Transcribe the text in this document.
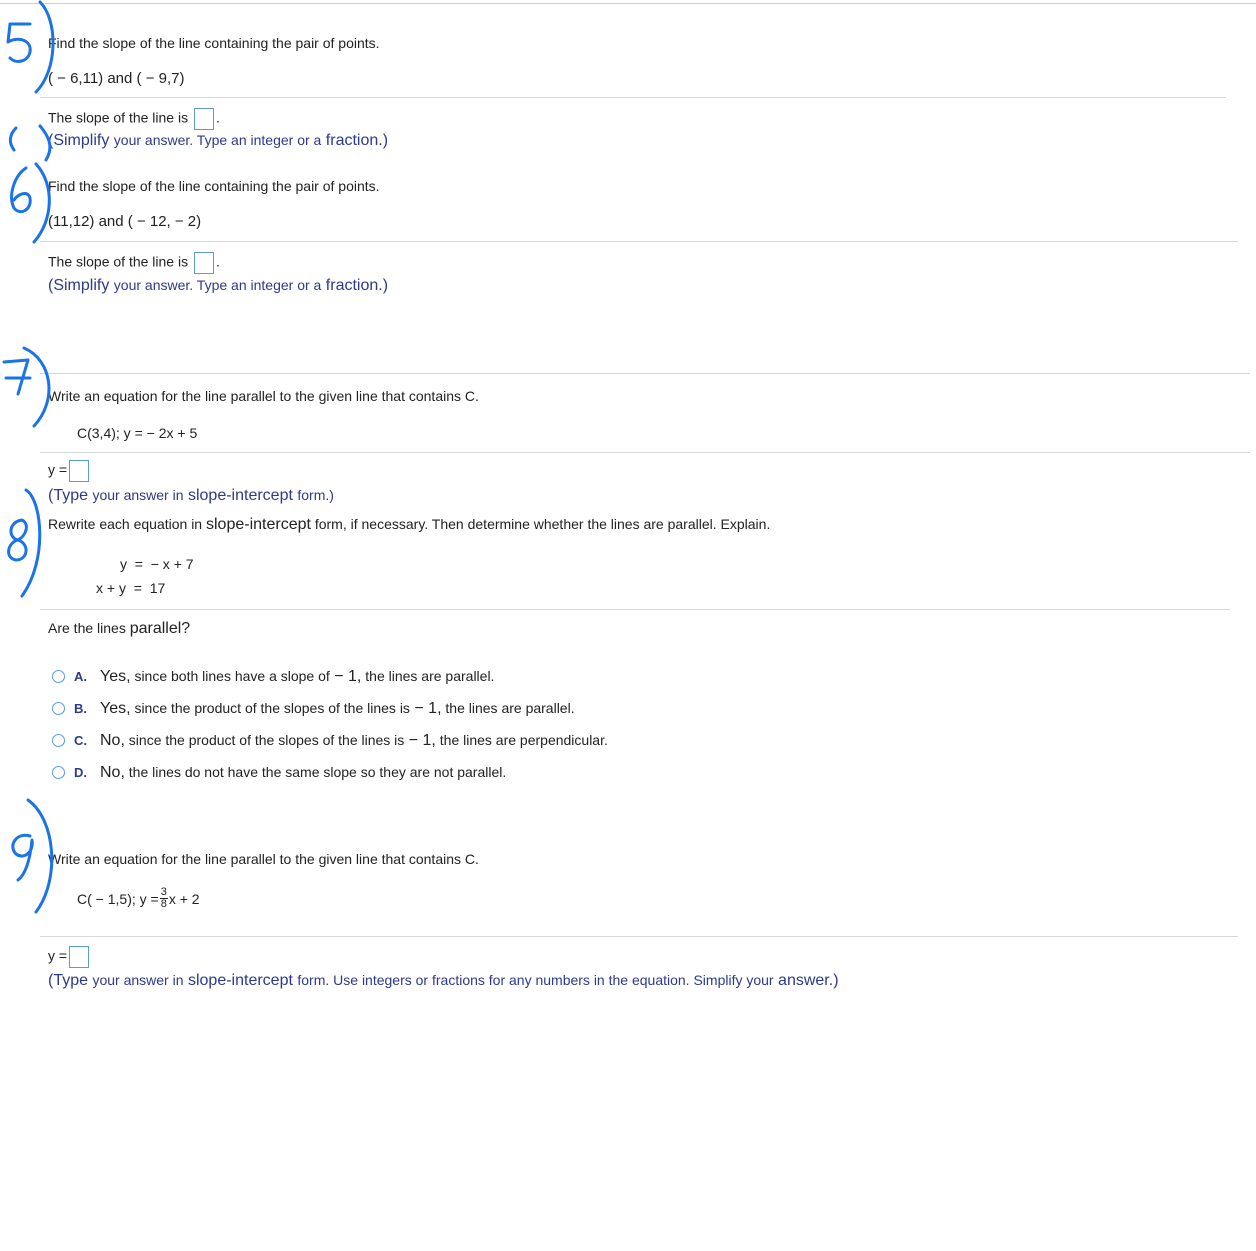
Find the slope of the line containing the pair of points.
( − 6,11) and ( − 9,7)
The slope of the line is .
(Simplify your answer. Type an integer or a fraction.)
Find the slope of the line containing the pair of points.
(11,12) and ( − 12, − 2)
The slope of the line is .
(Simplify your answer. Type an integer or a fraction.)
Write an equation for the line parallel to the given line that contains C.
C(3,4); y = − 2x + 5
y =
(Type your answer in slope-intercept form.)
Rewrite each equation in slope-intercept form, if necessary. Then determine whether the lines are parallel. Explain.
y  =  − x + 7
x + y  =  17
Are the lines parallel?
A. Yes, since both lines have a slope of − 1, the lines are parallel.
B. Yes, since the product of the slopes of the lines is − 1, the lines are parallel.
C. No, since the product of the slopes of the lines is − 1, the lines are perpendicular.
D. No, the lines do not have the same slope so they are not parallel.
Write an equation for the line parallel to the given line that contains C.
C( − 1,5); $y = \frac{3}{8}$ x + 2
y =
(Type your answer in slope-intercept form. Use integers or fractions for any numbers in the equation. Simplify your answer.)
